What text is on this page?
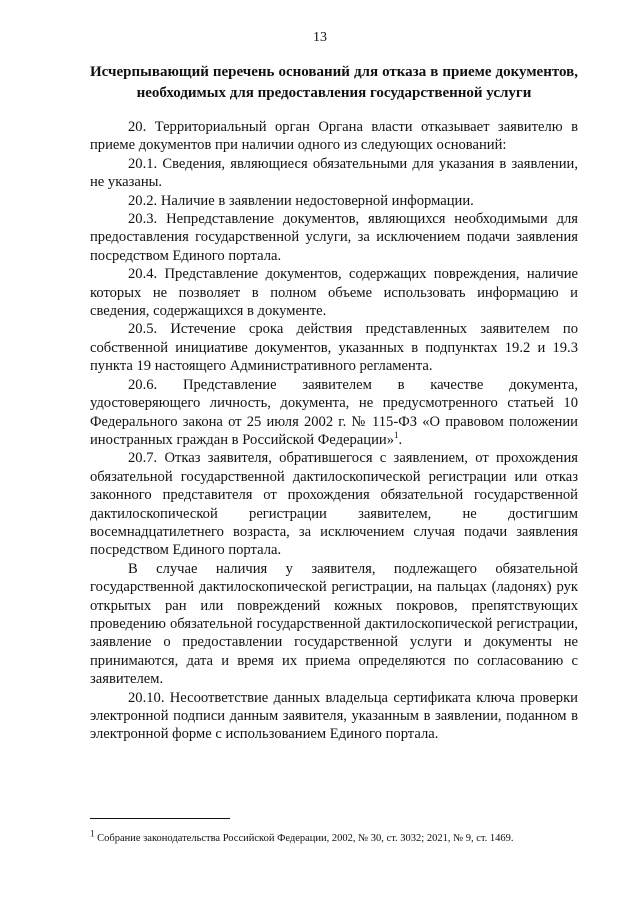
13
Исчерпывающий перечень оснований для отказа в приеме документов, необходимых для предоставления государственной услуги

20. Территориальный орган Органа власти отказывает заявителю в приеме документов при наличии одного из следующих оснований:

20.1. Сведения, являющиеся обязательными для указания в заявлении, не указаны.

20.2. Наличие в заявлении недостоверной информации.

20.3. Непредставление документов, являющихся необходимыми для предоставления государственной услуги, за исключением подачи заявления посредством Единого портала.

20.4. Представление документов, содержащих повреждения, наличие которых не позволяет в полном объеме использовать информацию и сведения, содержащихся в документе.

20.5. Истечение срока действия представленных заявителем по собственной инициативе документов, указанных в подпунктах 19.2 и 19.3 пункта 19 настоящего Административного регламента.

20.6. Представление заявителем в качестве документа, удостоверяющего личность, документа, не предусмотренного статьей 10 Федерального закона от 25 июля 2002 г. № 115-ФЗ «О правовом положении иностранных граждан в Российской Федерации»$^1$.

20.7. Отказ заявителя, обратившегося с заявлением, от прохождения обязательной государственной дактилоскопической регистрации или отказ законного представителя от прохождения обязательной государственной дактилоскопической регистрации заявителем, не достигшим восемнадцатилетнего возраста, за исключением случая подачи заявления посредством Единого портала.

В случае наличия у заявителя, подлежащего обязательной государственной дактилоскопической регистрации, на пальцах (ладонях) рук открытых ран или повреждений кожных покровов, препятствующих проведению обязательной государственной дактилоскопической регистрации, заявление о предоставлении государственной услуги и документы не принимаются, дата и время их приема определяются по согласованию с заявителем.

20.10. Несоответствие данных владельца сертификата ключа проверки электронной подписи данным заявителя, указанным в заявлении, поданном в электронной форме с использованием Единого портала.

$^1$ Собрание законодательства Российской Федерации, 2002, № 30, ст. 3032; 2021, № 9, ст. 1469.
